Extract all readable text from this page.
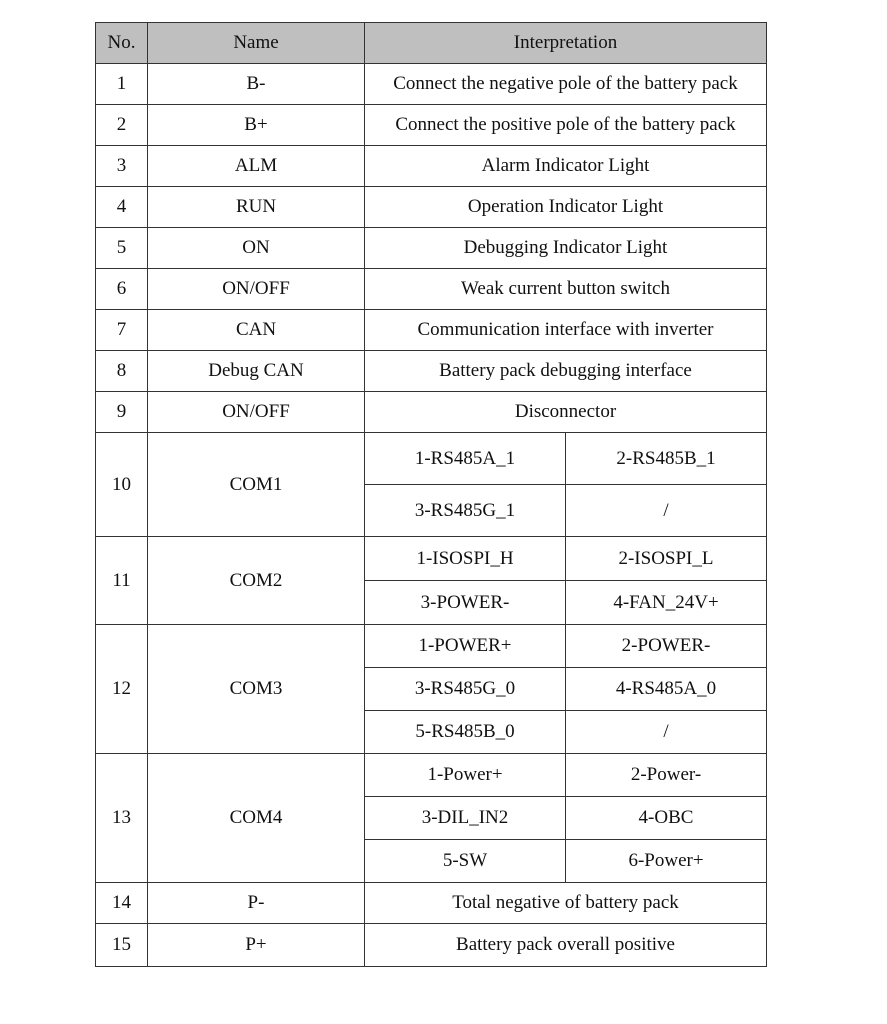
No.	Name	Interpretation	
1	B-	Connect the negative pole of the battery pack	
2	B+	Connect the positive pole of the battery pack	
3	ALM	Alarm Indicator Light	
4	RUN	Operation Indicator Light	
5	ON	Debugging Indicator Light	
6	ON/OFF	Weak current button switch	
7	CAN	Communication interface with inverter	
8	Debug CAN	Battery pack debugging interface	
9	ON/OFF	Disconnector	
10	COM1	1-RS485A_1	2-RS485B_1
		3-RS485G_1	/
11	COM2	1-ISOSPI_H	2-ISOSPI_L
		3-POWER-	4-FAN_24V+
12	COM3	1-POWER+	2-POWER-
		3-RS485G_0	4-RS485A_0
		5-RS485B_0	/
13	COM4	1-Power+	2-Power-
		3-DIL_IN2	4-OBC
		5-SW	6-Power+
14	P-	Total negative of battery pack	
15	P+	Battery pack overall positive	
